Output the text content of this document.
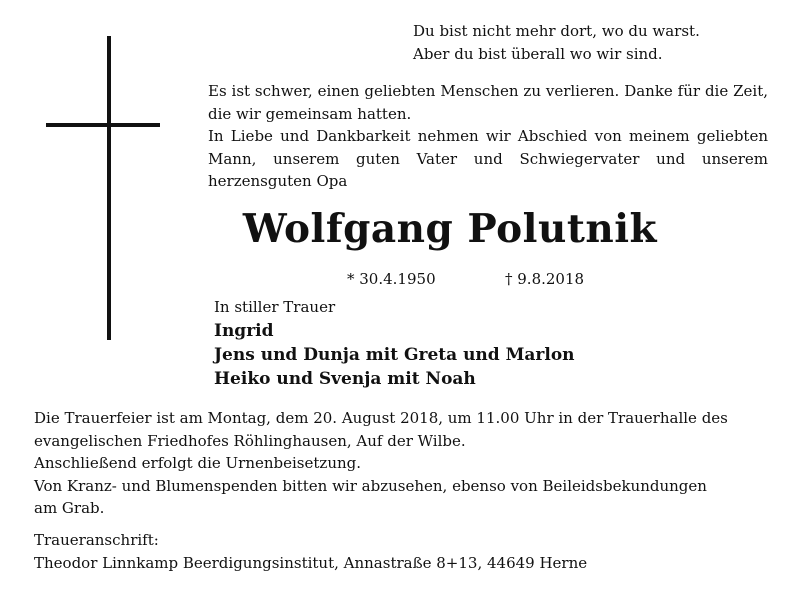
Du bist nicht mehr dort, wo du warst.
Aber du bist überall wo wir sind.

Es ist schwer, einen geliebten Menschen zu verlieren. Danke für die Zeit, die wir gemeinsam hatten.

In Liebe und Dankbarkeit nehmen wir Abschied von meinem geliebten Mann, unserem guten Vater und Schwiegervater und unserem herzensguten Opa

Wolfgang Polutnik
* 30.4.1950	† 9.8.2018
In stiller Trauer
Ingrid
Jens und Dunja mit Greta und Marlon
Heiko und Svenja mit Noah
Die Trauerfeier ist am Montag, dem 20. August 2018, um 11.00 Uhr in der Trauerhalle des
evangelischen Friedhofes Röhlinghausen, Auf der Wilbe.
Anschließend erfolgt die Urnenbeisetzung.
Von Kranz- und Blumenspenden bitten wir abzusehen, ebenso von Beileidsbekundungen
am Grab.
Traueranschrift:
Theodor Linnkamp Beerdigungsinstitut, Annastraße 8+13, 44649 Herne
